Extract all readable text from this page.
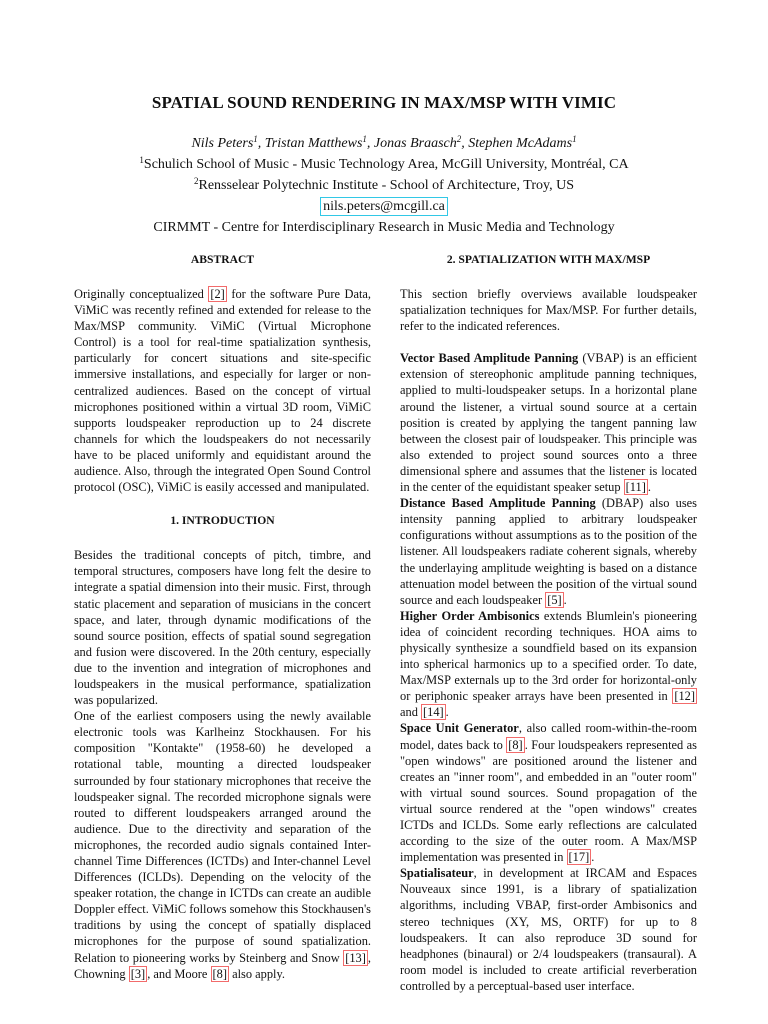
SPATIAL SOUND RENDERING IN MAX/MSP WITH VIMIC
Nils Peters$^1$, Tristan Matthews$^1$, Jonas Braasch$^2$, Stephen McAdams$^1$
$^1$Schulich School of Music - Music Technology Area, McGill University, Montréal, CA
$^2$Rensselear Polytechnic Institute - School of Architecture, Troy, US
nils.peters@mcgill.ca
CIRMMT - Centre for Interdisciplinary Research in Music Media and Technology
ABSTRACT

Originally conceptualized [2] for the software Pure Data, ViMiC was recently refined and extended for release to the Max/MSP community. ViMiC (Virtual Microphone Control) is a tool for real-time spatialization synthesis, particularly for concert situations and site-specific immersive installations, and especially for larger or non-centralized audiences. Based on the concept of virtual microphones positioned within a virtual 3D room, ViMiC supports loudspeaker reproduction up to 24 discrete channels for which the loudspeakers do not necessarily have to be placed uniformly and equidistant around the audience. Also, through the integrated Open Sound Control protocol (OSC), ViMiC is easily accessed and manipulated.

1. INTRODUCTION

Besides the traditional concepts of pitch, timbre, and temporal structures, composers have long felt the desire to integrate a spatial dimension into their music. First, through static placement and separation of musicians in the concert space, and later, through dynamic modifications of the sound source position, effects of spatial sound segregation and fusion were discovered. In the 20th century, especially due to the invention and integration of microphones and loudspeakers in the musical performance, spatialization was popularized.

One of the earliest composers using the newly available electronic tools was Karlheinz Stockhausen. For his composition "Kontakte" (1958-60) he developed a rotational table, mounting a directed loudspeaker surrounded by four stationary microphones that receive the loudspeaker signal. The recorded microphone signals were routed to different loudspeakers arranged around the audience. Due to the directivity and separation of the microphones, the recorded audio signals contained Inter-channel Time Differences (ICTDs) and Inter-channel Level Differences (ICLDs). Depending on the velocity of the speaker rotation, the change in ICTDs can create an audible Doppler effect. ViMiC follows somehow this Stockhausen's traditions by using the concept of spatially displaced microphones for the purpose of sound spatialization. Relation to pioneering works by Steinberg and Snow [13] , Chowning [3] , and Moore [8] also apply.

2. SPATIALIZATION WITH MAX/MSP

This section briefly overviews available loudspeaker spatialization techniques for Max/MSP. For further details, refer to the indicated references.

Vector Based Amplitude Panning (VBAP) is an efficient extension of stereophonic amplitude panning techniques, applied to multi-loudspeaker setups. In a horizontal plane around the listener, a virtual sound source at a certain position is created by applying the tangent panning law between the closest pair of loudspeaker. This principle was also extended to project sound sources onto a three dimensional sphere and assumes that the listener is located in the center of the equidistant speaker setup [11] .

Distance Based Amplitude Panning (DBAP) also uses intensity panning applied to arbitrary loudspeaker configurations without assumptions as to the position of the listener. All loudspeakers radiate coherent signals, whereby the underlaying amplitude weighting is based on a distance attenuation model between the position of the virtual sound source and each loudspeaker [5] .

Higher Order Ambisonics extends Blumlein's pioneering idea of coincident recording techniques. HOA aims to physically synthesize a soundfield based on its expansion into spherical harmonics up to a specified order. To date, Max/MSP externals up to the 3rd order for horizontal-only or periphonic speaker arrays have been presented in [12] and [14] .

Space Unit Generator, also called room-within-the-room model, dates back to [8] . Four loudspeakers represented as "open windows" are positioned around the listener and creates an "inner room", and embedded in an "outer room" with virtual sound sources. Sound propagation of the virtual source rendered at the "open windows" creates ICTDs and ICLDs. Some early reflections are calculated according to the size of the outer room. A Max/MSP implementation was presented in [17] .

Spatialisateur, in development at IRCAM and Espaces Nouveaux since 1991, is a library of spatialization algorithms, including VBAP, first-order Ambisonics and stereo techniques (XY, MS, ORTF) for up to 8 loudspeakers. It can also reproduce 3D sound for headphones (binaural) or 2/4 loudspeakers (transaural). A room model is included to create artificial reverberation controlled by a perceptual-based user interface.
